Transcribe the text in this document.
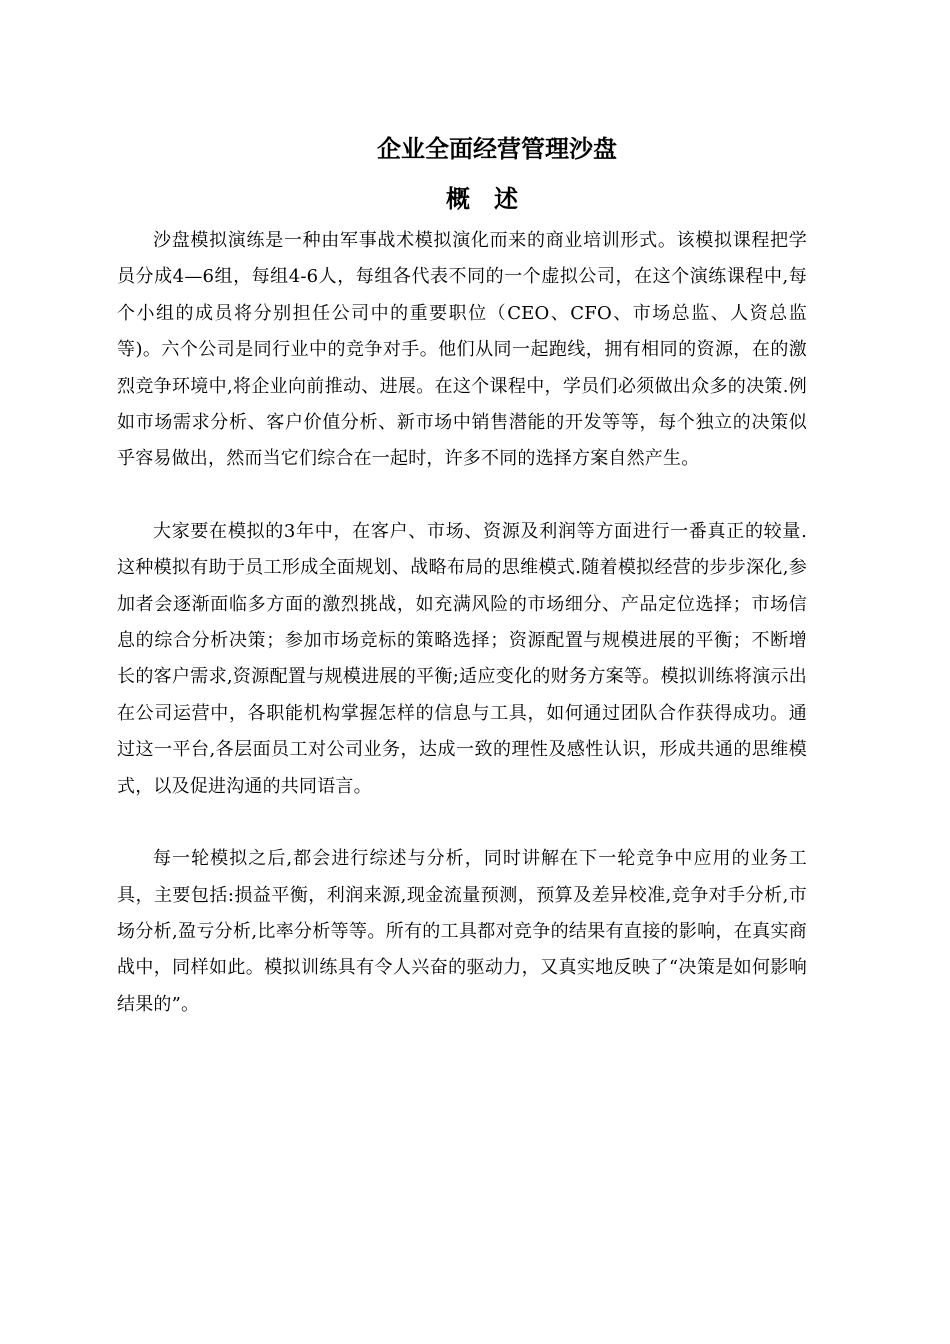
企业全面经营管理沙盘
概　述

沙盘模拟演练是一种由军事战术模拟演化而来的商业培训形式。该模拟课程把学员分成4—6组，每组4-6人，每组各代表不同的一个虚拟公司，在这个演练课程中,每个小组的成员将分别担任公司中的重要职位（CEO、CFO、市场总监、人资总监等)。六个公司是同行业中的竞争对手。他们从同一起跑线，拥有相同的资源，在的激烈竞争环境中,将企业向前推动、进展。在这个课程中，学员们必须做出众多的决策.例如市场需求分析、客户价值分析、新市场中销售潜能的开发等等，每个独立的决策似乎容易做出，然而当它们综合在一起时，许多不同的选择方案自然产生。

大家要在模拟的3年中，在客户、市场、资源及利润等方面进行一番真正的较量.这种模拟有助于员工形成全面规划、战略布局的思维模式.随着模拟经营的步步深化,参加者会逐渐面临多方面的激烈挑战，如充满风险的市场细分、产品定位选择；市场信息的综合分析决策；参加市场竞标的策略选择；资源配置与规模进展的平衡；不断增长的客户需求,资源配置与规模进展的平衡;适应变化的财务方案等。模拟训练将演示出在公司运营中，各职能机构掌握怎样的信息与工具，如何通过团队合作获得成功。通过这一平台,各层面员工对公司业务，达成一致的理性及感性认识，形成共通的思维模式，以及促进沟通的共同语言。

每一轮模拟之后,都会进行综述与分析，同时讲解在下一轮竞争中应用的业务工具，主要包括:损益平衡，利润来源,现金流量预测，预算及差异校准,竞争对手分析,市场分析,盈亏分析,比率分析等等。所有的工具都对竞争的结果有直接的影响，在真实商战中，同样如此。模拟训练具有令人兴奋的驱动力，又真实地反映了“决策是如何影响结果的”。
